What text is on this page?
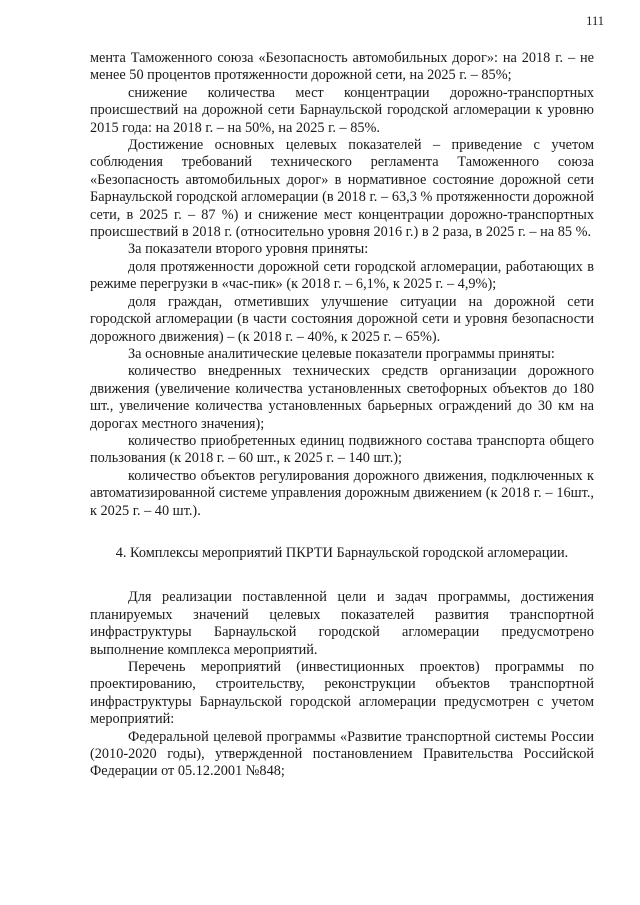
111

мента Таможенного союза «Безопасность автомобильных дорог»: на 2018 г. – не менее 50 процентов протяженности дорожной сети, на 2025 г. – 85%;

снижение количества мест концентрации дорожно-транспортных происшествий на дорожной сети Барнаульской городской агломерации к уровню 2015 года: на 2018 г. – на 50%, на 2025 г. – 85%.

Достижение основных целевых показателей – приведение с учетом соблюдения требований технического регламента Таможенного союза «Безопасность автомобильных дорог» в нормативное состояние дорожной сети Барнаульской городской агломерации (в 2018 г. – 63,3 % протяженности дорожной сети, в 2025 г. – 87 %) и снижение мест концентрации дорожно-транспортных происшествий в 2018 г. (относительно уровня 2016 г.) в 2 раза, в 2025 г. – на 85 %.

За показатели второго уровня приняты:

доля протяженности дорожной сети городской агломерации, работающих в режиме перегрузки в «час-пик» (к 2018 г. – 6,1%, к 2025 г. – 4,9%);

доля граждан, отметивших улучшение ситуации на дорожной сети городской агломерации (в части состояния дорожной сети и уровня безопасности дорожного движения) – (к 2018 г. – 40%, к 2025 г. – 65%).

За основные аналитические целевые показатели программы приняты:

количество внедренных технических средств организации дорожного движения (увеличение количества установленных светофорных объектов до 180 шт., увеличение количества установленных барьерных ограждений до 30 км на дорогах местного значения);

количество приобретенных единиц подвижного состава транспорта общего пользования (к 2018 г. – 60 шт., к 2025 г. – 140 шт.);

количество объектов регулирования дорожного движения, подключенных к автоматизированной системе управления дорожным движением (к 2018 г. – 16шт., к 2025 г. – 40 шт.).

4. Комплексы мероприятий ПКРТИ Барнаульской городской агломерации.

Для реализации поставленной цели и задач программы, достижения планируемых значений целевых показателей развития транспортной инфраструктуры Барнаульской городской агломерации предусмотрено выполнение комплекса мероприятий.

Перечень мероприятий (инвестиционных проектов) программы по проектированию, строительству, реконструкции объектов транспортной инфраструктуры Барнаульской городской агломерации предусмотрен с учетом мероприятий:

Федеральной целевой программы «Развитие транспортной системы России (2010-2020 годы), утвержденной постановлением Правительства Российской Федерации от 05.12.2001 №848;
